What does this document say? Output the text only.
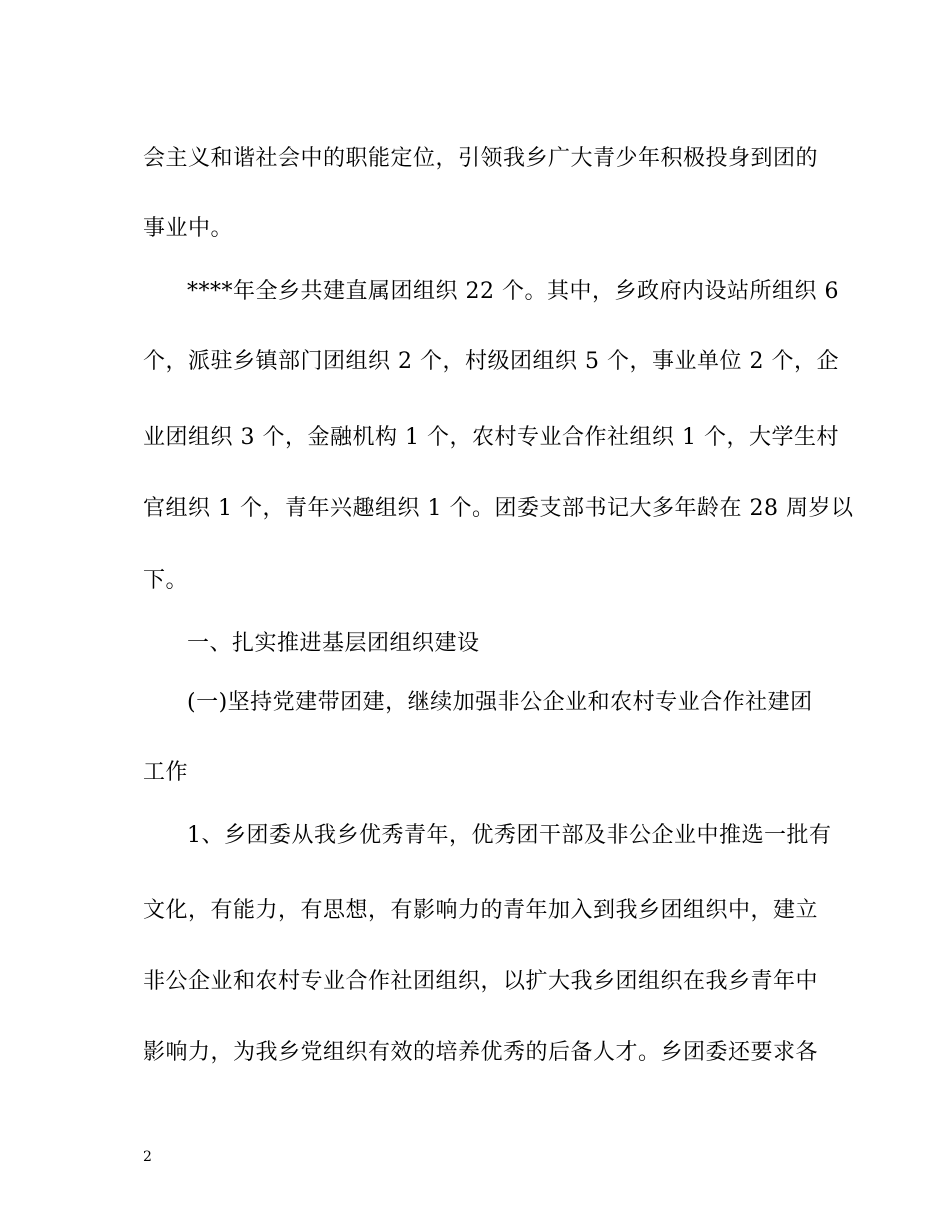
会主义和谐社会中的职能定位，引领我乡广大青少年积极投身到团的
事业中。
****年全乡共建直属团组织 22 个。其中，乡政府内设站所组织 6
个，派驻乡镇部门团组织 2 个，村级团组织 5 个，事业单位 2 个，企
业团组织 3 个，金融机构 1 个，农村专业合作社组织 1 个，大学生村
官组织 1 个，青年兴趣组织 1 个。团委支部书记大多年龄在 28 周岁以
下。
一、扎实推进基层团组织建设
(一)坚持党建带团建，继续加强非公企业和农村专业合作社建团
工作
1、乡团委从我乡优秀青年，优秀团干部及非公企业中推选一批有
文化，有能力，有思想，有影响力的青年加入到我乡团组织中，建立
非公企业和农村专业合作社团组织，以扩大我乡团组织在我乡青年中
影响力，为我乡党组织有效的培养优秀的后备人才。乡团委还要求各
2
